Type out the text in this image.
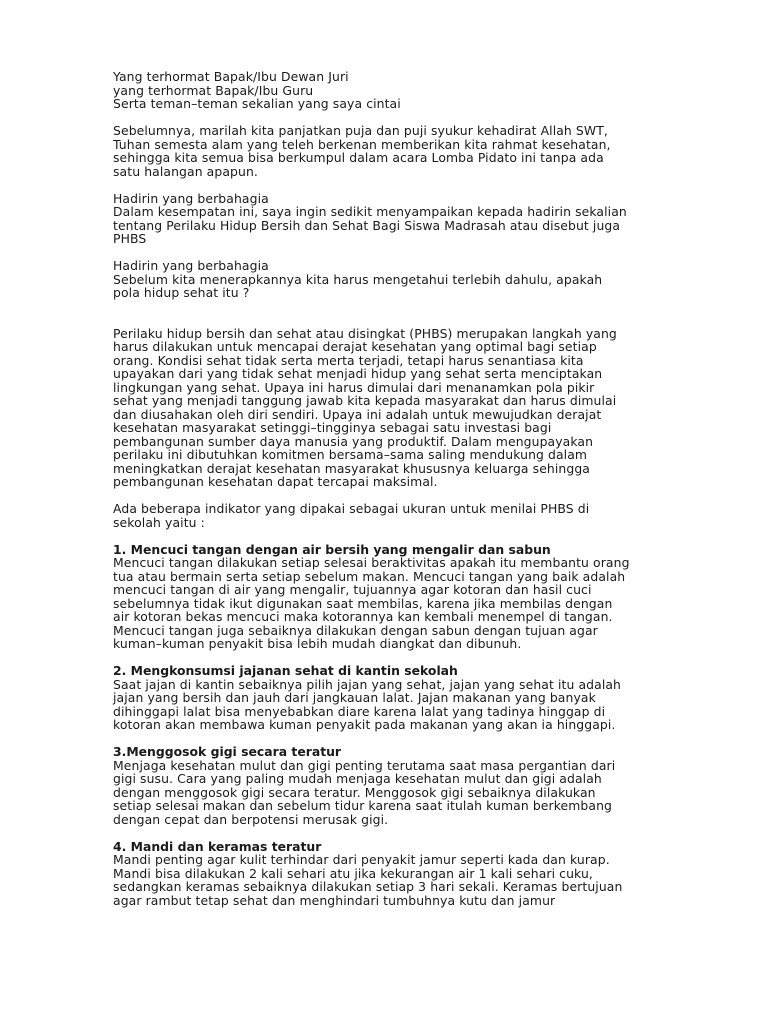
Yang terhormat Bapak/Ibu Dewan Juri
yang terhormat Bapak/Ibu Guru
Serta teman–teman sekalian yang saya cintai
Sebelumnya, marilah kita panjatkan puja dan puji syukur kehadirat Allah SWT,
Tuhan semesta alam yang teleh berkenan memberikan kita rahmat kesehatan,
sehingga kita semua bisa berkumpul dalam acara Lomba Pidato ini tanpa ada
satu halangan apapun.
Hadirin yang berbahagia
Dalam kesempatan ini, saya ingin sedikit menyampaikan kepada hadirin sekalian
tentang Perilaku Hidup Bersih dan Sehat Bagi Siswa Madrasah atau disebut juga
PHBS
Hadirin yang berbahagia
Sebelum kita menerapkannya kita harus mengetahui terlebih dahulu, apakah
pola hidup sehat itu ?
Perilaku hidup bersih dan sehat atau disingkat (PHBS) merupakan langkah yang
harus dilakukan untuk mencapai derajat kesehatan yang optimal bagi setiap
orang. Kondisi sehat tidak serta merta terjadi, tetapi harus senantiasa kita
upayakan dari yang tidak sehat menjadi hidup yang sehat serta menciptakan
lingkungan yang sehat. Upaya ini harus dimulai dari menanamkan pola pikir
sehat yang menjadi tanggung jawab kita kepada masyarakat dan harus dimulai
dan diusahakan oleh diri sendiri. Upaya ini adalah untuk mewujudkan derajat
kesehatan masyarakat setinggi–tingginya sebagai satu investasi bagi
pembangunan sumber daya manusia yang produktif. Dalam mengupayakan
perilaku ini dibutuhkan komitmen bersama–sama saling mendukung dalam
meningkatkan derajat kesehatan masyarakat khususnya keluarga sehingga
pembangunan kesehatan dapat tercapai maksimal.
Ada beberapa indikator yang dipakai sebagai ukuran untuk menilai PHBS di
sekolah yaitu :
1. Mencuci tangan dengan air bersih yang mengalir dan sabun
Mencuci tangan dilakukan setiap selesai beraktivitas apakah itu membantu orang
tua atau bermain serta setiap sebelum makan. Mencuci tangan yang baik adalah
mencuci tangan di air yang mengalir, tujuannya agar kotoran dan hasil cuci
sebelumnya tidak ikut digunakan saat membilas, karena jika membilas dengan
air kotoran bekas mencuci maka kotorannya kan kembali menempel di tangan.
Mencuci tangan juga sebaiknya dilakukan dengan sabun dengan tujuan agar
kuman–kuman penyakit bisa lebih mudah diangkat dan dibunuh.
2. Mengkonsumsi jajanan sehat di kantin sekolah
Saat jajan di kantin sebaiknya pilih jajan yang sehat, jajan yang sehat itu adalah
jajan yang bersih dan jauh dari jangkauan lalat. Jajan makanan yang banyak
dihinggapi lalat bisa menyebabkan diare karena lalat yang tadinya hinggap di
kotoran akan membawa kuman penyakit pada makanan yang akan ia hinggapi.
3.Menggosok gigi secara teratur
Menjaga kesehatan mulut dan gigi penting terutama saat masa pergantian dari
gigi susu. Cara yang paling mudah menjaga kesehatan mulut dan gigi adalah
dengan menggosok gigi secara teratur. Menggosok gigi sebaiknya dilakukan
setiap selesai makan dan sebelum tidur karena saat itulah kuman berkembang
dengan cepat dan berpotensi merusak gigi.
4. Mandi dan keramas teratur
Mandi penting agar kulit terhindar dari penyakit jamur seperti kada dan kurap.
Mandi bisa dilakukan 2 kali sehari atu jika kekurangan air 1 kali sehari cuku,
sedangkan keramas sebaiknya dilakukan setiap 3 hari sekali. Keramas bertujuan
agar rambut tetap sehat dan menghindari tumbuhnya kutu dan jamur
